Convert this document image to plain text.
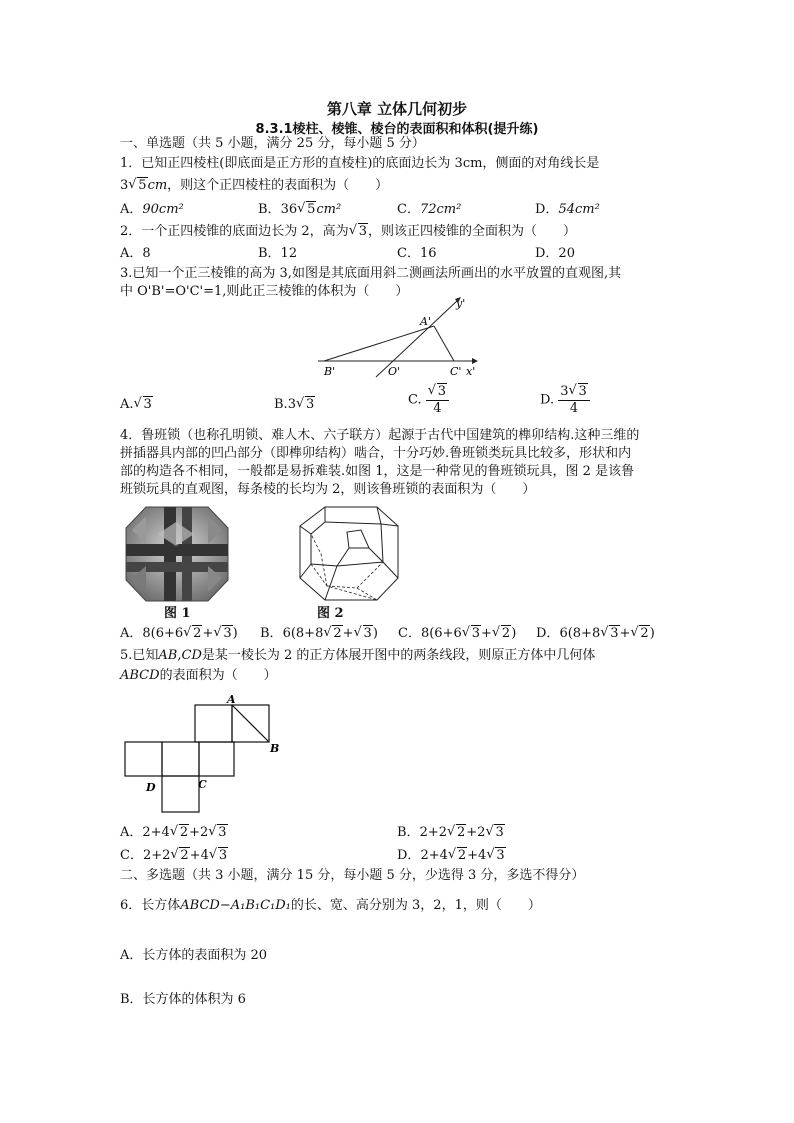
第八章 立体几何初步
8.3.1棱柱、棱锥、棱台的表面积和体积(提升练)
一、单选题（共 5 小题，满分 25 分，每小题 5 分）
1．已知正四棱柱(即底面是正方形的直棱柱)的底面边长为 3cm，侧面的对角线长是
3 √ 5cm，则这个正四棱柱的表面积为（　　）
A．90cm²	B．36 √ 5cm²	C．72cm²	D．54cm²
2．一个正四棱锥的底面边长为 2，高为 √ 3，则该正四棱锥的全面积为（　　）
A．8	B．12	C．16	D．20
3.已知一个正三棱锥的高为 3,如图是其底面用斜二测画法所画出的水平放置的直观图,其
中 O'B'=O'C'=1,则此正三棱锥的体积为（　　）
A'
y'
B'	O'	C' x'
A. √ 3	B.3 √ 3	C. √ $\frac{3}{4}$	D. $\frac{3 √ 3}{4}$
4．鲁班锁（也称孔明锁、难人木、六子联方）起源于古代中国建筑的榫卯结构.这种三维的
拼插器具内部的凹凸部分（即榫卯结构）啮合，十分巧妙.鲁班锁类玩具比较多，形状和内
部的构造各不相同，一般都是易拆难装.如图 1，这是一种常见的鲁班锁玩具，图 2 是该鲁
班锁玩具的直观图，每条棱的长均为 2，则该鲁班锁的表面积为（　　）
图 1	图 2
A．8(6+6 √ 2+ √ 3) B．6(8+8 √ 2+ √ 3) C．8(6+6 √ 3+ √ 2) D．6(8+8 √ 3+ √ 2)
5.已知AB,CD是某一棱长为 2 的正方体展开图中的两条线段，则原正方体中几何体
ABCD的表面积为（　　）
A
B
C
D
A．2+4 √ 2+2 √ 3	B．2+2 √ 2+2 √ 3
C．2+2 √ 2+4 √ 3	D．2+4 √ 2+4 √ 3
二、多选题（共 3 小题，满分 15 分，每小题 5 分，少选得 3 分，多选不得分）
6．长方体ABCD−A₁B₁C₁D₁的长、宽、高分别为 3，2，1，则（　　）
A．长方体的表面积为 20
B．长方体的体积为 6
